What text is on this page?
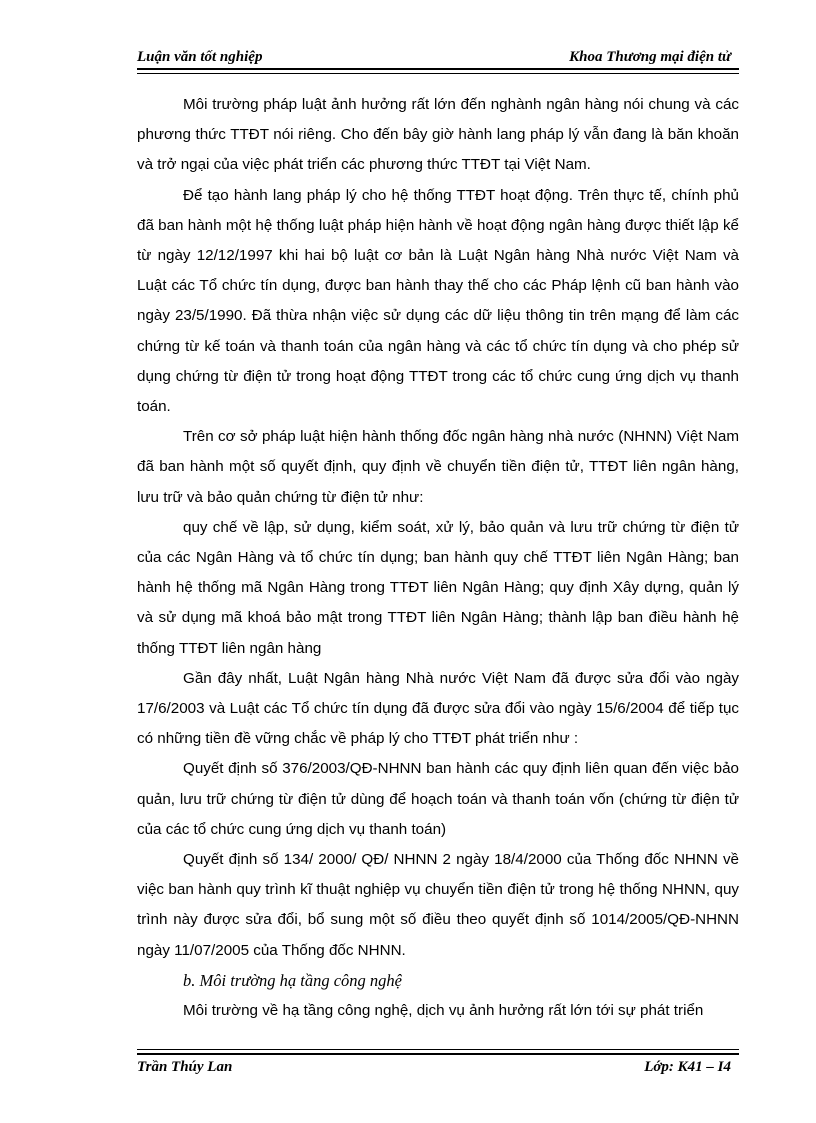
Luận văn tốt nghiệp	Khoa Thương mại điện tử

Môi trường pháp luật ảnh hưởng rất lớn đến nghành ngân hàng nói chung và các phương thức TTĐT nói riêng. Cho đến bây giờ hành lang pháp lý vẫn đang là băn khoăn và trở ngại của việc phát triển các phương thức TTĐT tại Việt Nam.

Để tạo hành lang pháp lý cho hệ thống TTĐT hoạt động. Trên thực tế, chính phủ đã ban hành một hệ thống luật pháp hiện hành về hoạt động ngân hàng được thiết lập kể từ ngày 12/12/1997 khi hai bộ luật cơ bản là Luật Ngân hàng Nhà nước Việt Nam và Luật các Tổ chức tín dụng, được ban hành thay thế cho các Pháp lệnh cũ ban hành vào ngày 23/5/1990. Đã thừa nhận việc sử dụng các dữ liệu thông tin trên mạng để làm các chứng từ kế toán và thanh toán của ngân hàng và các tổ chức tín dụng và cho phép sử dụng chứng từ điện tử trong hoạt động TTĐT trong các tổ chức cung ứng dịch vụ thanh toán.

Trên cơ sở pháp luật hiện hành thống đốc ngân hàng nhà nước (NHNN) Việt Nam đã ban hành một số quyết định, quy định về chuyển tiền điện tử, TTĐT liên ngân hàng, lưu trữ và bảo quản chứng từ điện tử như:

quy chế về lập, sử dụng, kiểm soát, xử lý, bảo quản và lưu trữ chứng từ điện tử của các Ngân Hàng và tổ chức tín dụng; ban hành quy chế TTĐT liên Ngân Hàng; ban hành hệ thống mã Ngân Hàng trong TTĐT liên Ngân Hàng; quy định Xây dựng, quản lý và sử dụng mã khoá bảo mật trong TTĐT liên Ngân Hàng; thành lập ban điều hành hệ thống TTĐT liên ngân hàng

Gần đây nhất, Luật Ngân hàng Nhà nước Việt Nam đã được sửa đổi vào ngày 17/6/2003 và Luật các Tổ chức tín dụng đã được sửa đổi vào ngày 15/6/2004 để tiếp tục có những tiền đề vững chắc về pháp lý cho TTĐT phát triển như :

Quyết định số 376/2003/QĐ-NHNN ban hành các quy định liên quan đến việc bảo quản, lưu trữ chứng từ điện tử dùng để hoạch toán và thanh toán vốn (chứng từ điện tử của các tổ chức cung ứng dịch vụ thanh toán)

Quyết định số 134/ 2000/ QĐ/ NHNN 2 ngày 18/4/2000 của Thống đốc NHNN về việc ban hành quy trình kĩ thuật nghiệp vụ chuyển tiền điện tử trong hệ thống NHNN, quy trình này được sửa đổi, bổ sung một số điều theo quyết định số 1014/2005/QĐ-NHNN ngày 11/07/2005 của Thống đốc NHNN.

b. Môi trường hạ tầng công nghệ

Môi trường về hạ tầng công nghệ, dịch vụ ảnh hưởng rất lớn tới sự phát triển

Trần Thúy Lan	Lớp: K41 – I4
